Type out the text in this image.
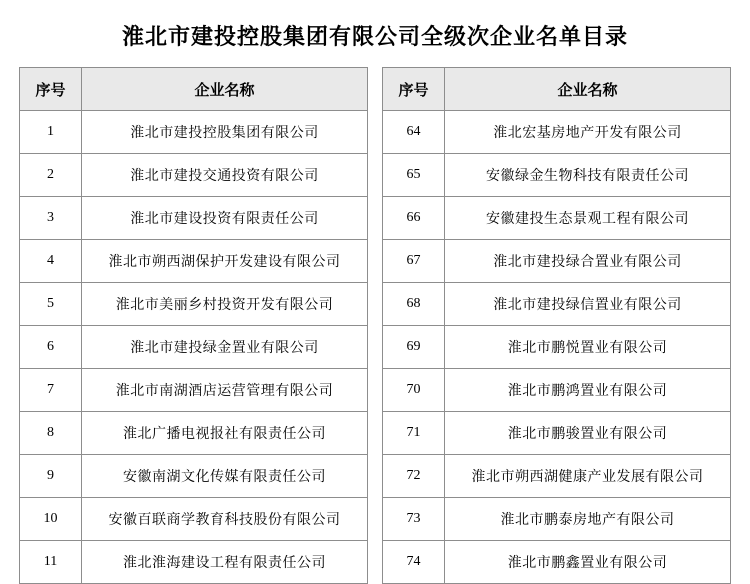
淮北市建投控股集团有限公司全级次企业名单目录
序号	企业名称
1	淮北市建投控股集团有限公司
2	淮北市建投交通投资有限公司
3	淮北市建设投资有限责任公司
4	淮北市朔西湖保护开发建设有限公司
5	淮北市美丽乡村投资开发有限公司
6	淮北市建投绿金置业有限公司
7	淮北市南湖酒店运营管理有限公司
8	淮北广播电视报社有限责任公司
9	安徽南湖文化传媒有限责任公司
10	安徽百联商学教育科技股份有限公司
11	淮北淮海建设工程有限责任公司
序号	企业名称
64	淮北宏基房地产开发有限公司
65	安徽绿金生物科技有限责任公司
66	安徽建投生态景观工程有限公司
67	淮北市建投绿合置业有限公司
68	淮北市建投绿信置业有限公司
69	淮北市鹏悦置业有限公司
70	淮北市鹏鸿置业有限公司
71	淮北市鹏骏置业有限公司
72	淮北市朔西湖健康产业发展有限公司
73	淮北市鹏泰房地产有限公司
74	淮北市鹏鑫置业有限公司
